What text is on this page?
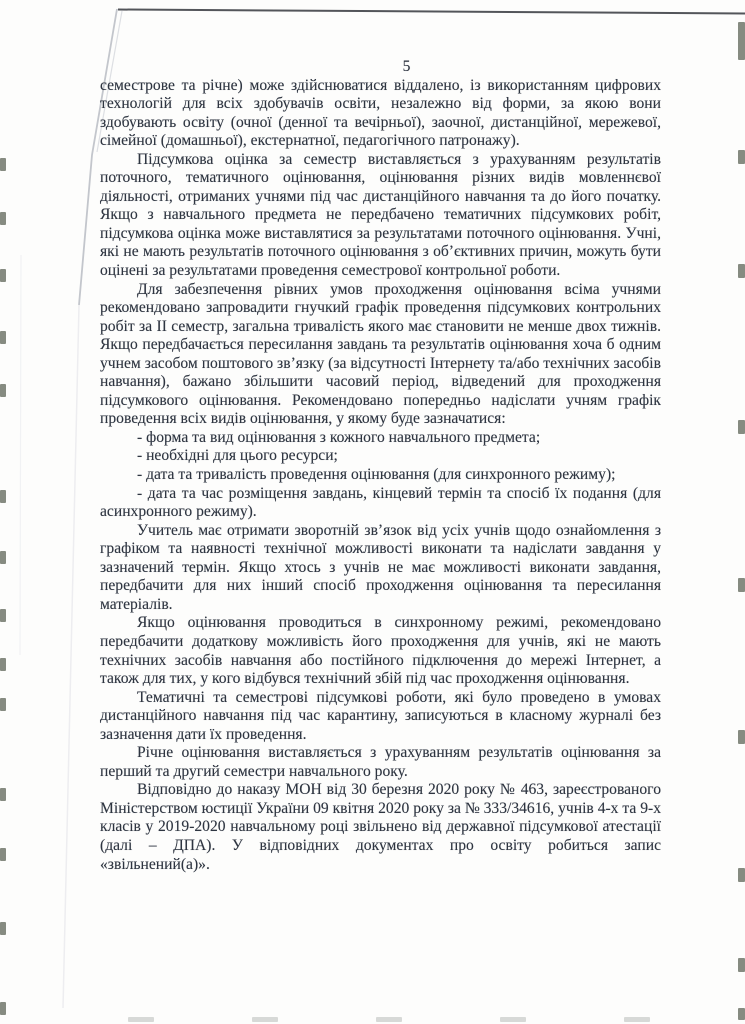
5

семестрове та річне) може здійснюватися віддалено, із використанням цифрових технологій для всіх здобувачів освіти, незалежно від форми, за якою вони здобувають освіту (очної (денної та вечірньої), заочної, дистанційної, мережевої, сімейної (домашньої), екстернатної, педагогічного патронажу).

Підсумкова оцінка за семестр виставляється з урахуванням результатів поточного, тематичного оцінювання, оцінювання різних видів мовленнєвої діяльності, отриманих учнями під час дистанційного навчання та до його початку. Якщо з навчального предмета не передбачено тематичних підсумкових робіт, підсумкова оцінка може виставлятися за результатами поточного оцінювання. Учні, які не мають результатів поточного оцінювання з об’єктивних причин, можуть бути оцінені за результатами проведення семестрової контрольної роботи.

Для забезпечення рівних умов проходження оцінювання всіма учнями рекомендовано запровадити гнучкий графік проведення підсумкових контрольних робіт за II семестр, загальна тривалість якого має становити не менше двох тижнів. Якщо передбачається пересилання завдань та результатів оцінювання хоча б одним учнем засобом поштового зв’язку (за відсутності Інтернету та/або технічних засобів навчання), бажано збільшити часовий період, відведений для проходження підсумкового оцінювання. Рекомендовано попередньо надіслати учням графік проведення всіх видів оцінювання, у якому буде зазначатися:

- форма та вид оцінювання з кожного навчального предмета;

- необхідні для цього ресурси;

- дата та тривалість проведення оцінювання (для синхронного режиму);

- дата та час розміщення завдань, кінцевий термін та спосіб їх подання (для асинхронного режиму).

Учитель має отримати зворотній зв’язок від усіх учнів щодо ознайомлення з графіком та наявності технічної можливості виконати та надіслати завдання у зазначений термін. Якщо хтось з учнів не має можливості виконати завдання, передбачити для них інший спосіб проходження оцінювання та пересилання матеріалів.

Якщо оцінювання проводиться в синхронному режимі, рекомендовано передбачити додаткову можливість його проходження для учнів, які не мають технічних засобів навчання або постійного підключення до мережі Інтернет, а також для тих, у кого відбувся технічний збій під час проходження оцінювання.

Тематичні та семестрові підсумкові роботи, які було проведено в умовах дистанційного навчання під час карантину, записуються в класному журналі без зазначення дати їх проведення.

Річне оцінювання виставляється з урахуванням результатів оцінювання за перший та другий семестри навчального року.

Відповідно до наказу МОН від 30 березня 2020 року № 463, зареєстрованого Міністерством юстиції України 09 квітня 2020 року за № 333/34616, учнів 4-х та 9-х класів у 2019-2020 навчальному році звільнено від державної підсумкової атестації (далі – ДПА). У відповідних документах про освіту робиться запис «звільнений(а)».
